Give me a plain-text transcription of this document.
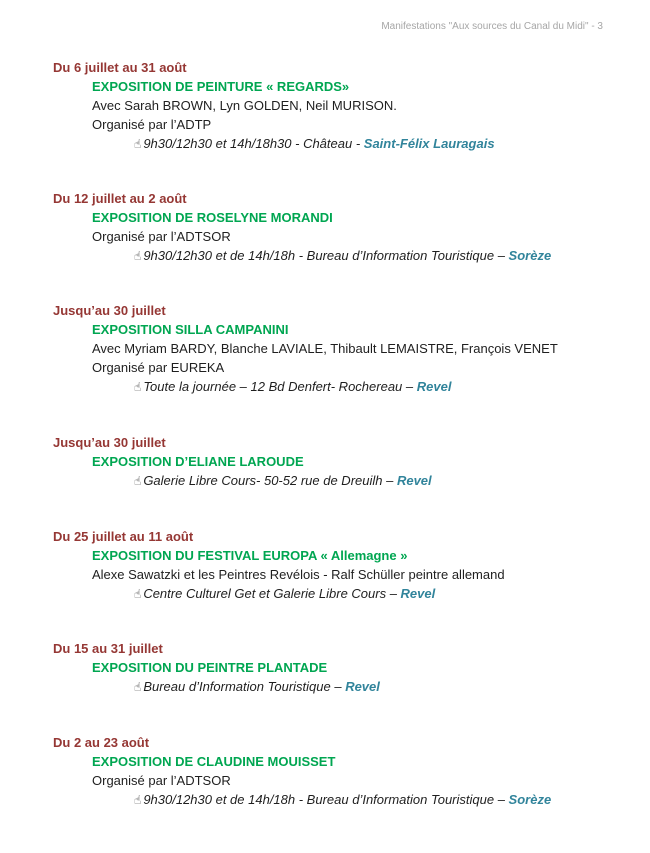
Manifestations "Aux sources du Canal du Midi" - 3
Du 6 juillet au 31 août
EXPOSITION DE PEINTURE « REGARDS»
Avec Sarah BROWN, Lyn GOLDEN, Neil MURISON.
Organisé par l’ADTP
☝ 9h30/12h30 et 14h/18h30 - Château - Saint-Félix Lauragais
Du 12 juillet au 2 août
EXPOSITION DE ROSELYNE MORANDI
Organisé par l’ADTSOR
☝ 9h30/12h30 et de 14h/18h - Bureau d’Information Touristique – Sorèze
Jusqu’au 30 juillet
EXPOSITION SILLA CAMPANINI
Avec Myriam BARDY, Blanche LAVIALE, Thibault LEMAISTRE, François VENET
Organisé par EUREKA
☝ Toute la journée – 12 Bd Denfert- Rochereau – Revel
Jusqu’au 30 juillet
EXPOSITION D’ELIANE LAROUDE
☝ Galerie Libre Cours- 50-52 rue de Dreuilh – Revel
Du 25 juillet au 11 août
EXPOSITION DU FESTIVAL EUROPA « Allemagne »
Alexe Sawatzki et les Peintres Revélois - Ralf Schüller peintre allemand
☝ Centre Culturel Get et Galerie Libre Cours – Revel
Du 15 au 31 juillet
EXPOSITION DU PEINTRE PLANTADE
☝ Bureau d’Information Touristique – Revel
Du 2 au 23 août
EXPOSITION DE CLAUDINE MOUISSET
Organisé par l’ADTSOR
☝ 9h30/12h30 et de 14h/18h - Bureau d’Information Touristique – Sorèze
